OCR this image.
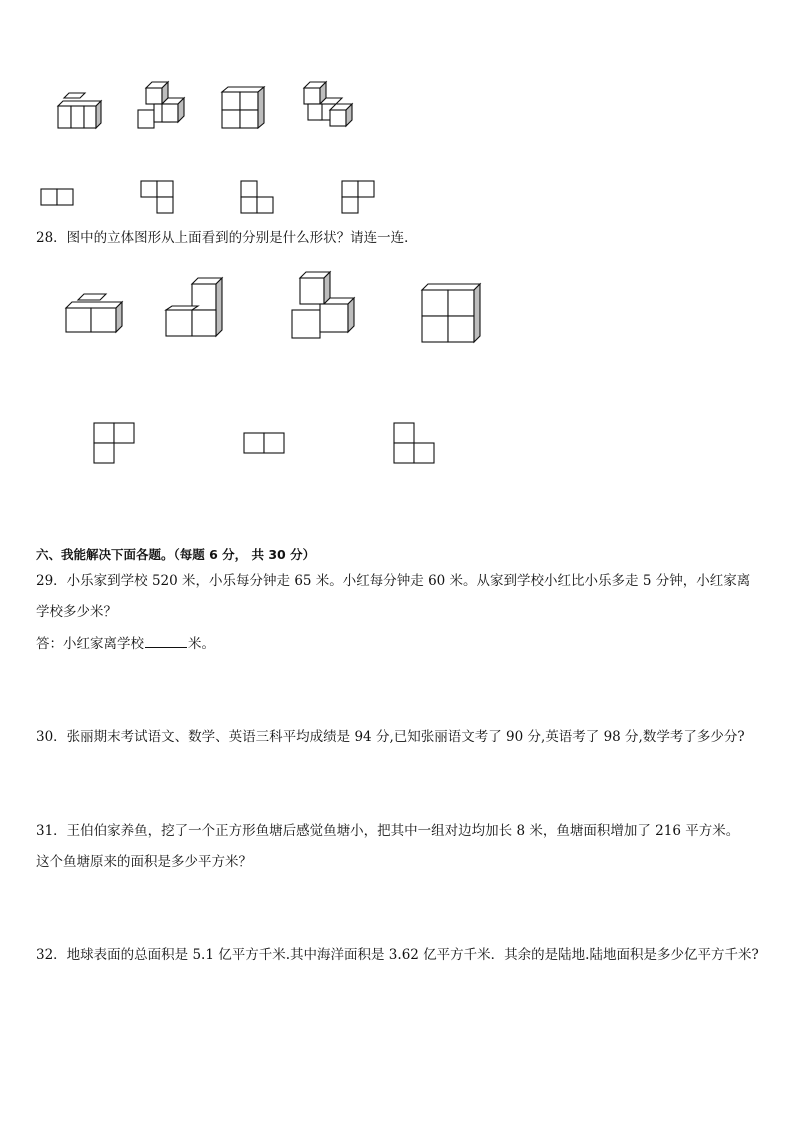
28．图中的立体图形从上面看到的分别是什么形状？请连一连．
六、我能解决下面各题。（每题 6 分， 共 30 分）
29．小乐家到学校 520 米，小乐每分钟走 65 米。小红每分钟走 60 米。从家到学校小红比小乐多走 5 分钟，小红家离
学校多少米？
答：小红家离学校	米。
30．张丽期末考试语文、数学、英语三科平均成绩是 94 分,已知张丽语文考了 90 分,英语考了 98 分,数学考了多少分?
31．王伯伯家养鱼，挖了一个正方形鱼塘后感觉鱼塘小，把其中一组对边均加长 8 米，鱼塘面积增加了 216 平方米。
这个鱼塘原来的面积是多少平方米？
32．地球表面的总面积是 5.1 亿平方千米.其中海洋面积是 3.62 亿平方千米．其余的是陆地.陆地面积是多少亿平方千米?
